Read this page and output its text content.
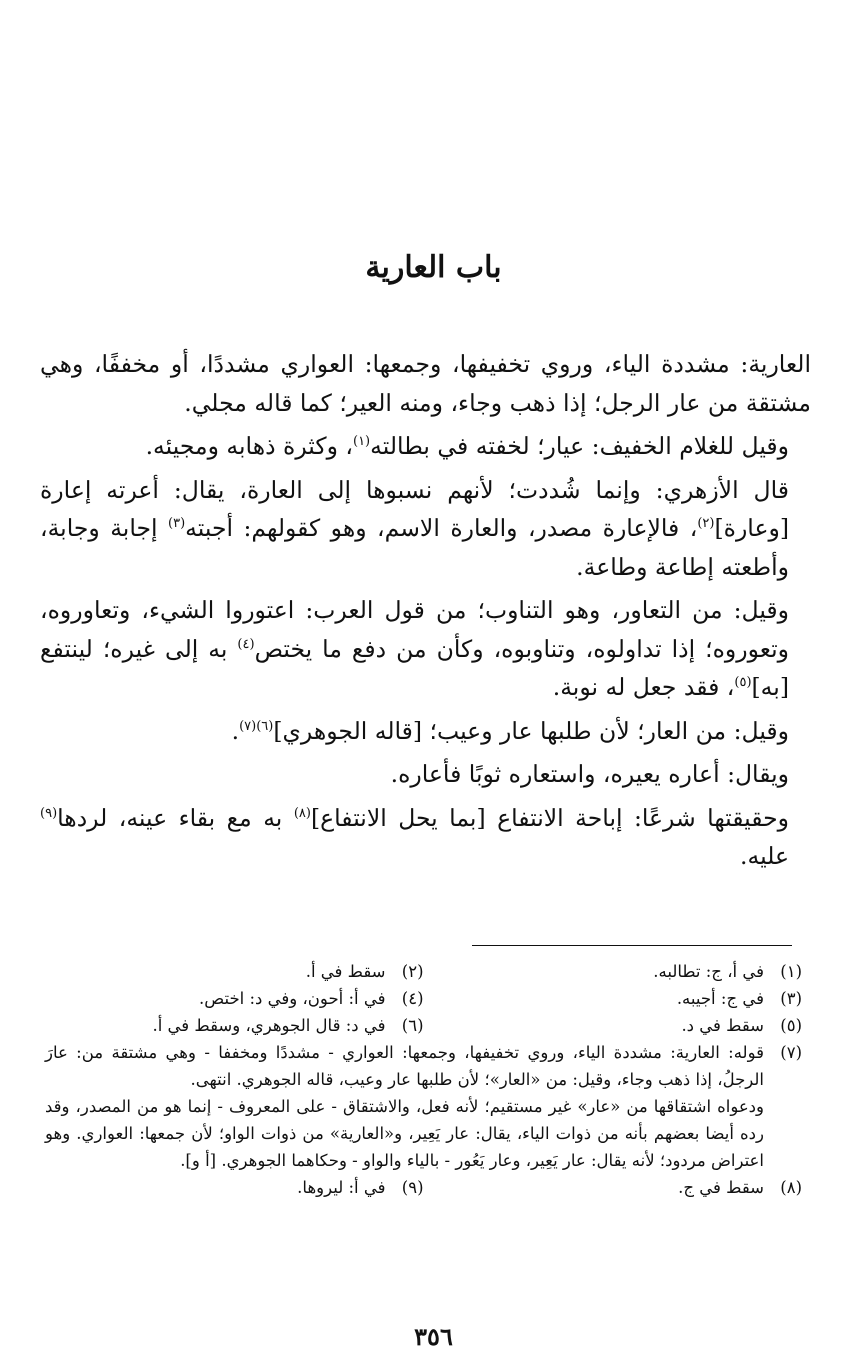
باب العارية

العارية: مشددة الياء، وروي تخفيفها، وجمعها: العواري مشددًا، أو مخففًا، وهي مشتقة من عار الرجل؛ إذا ذهب وجاء، ومنه العير؛ كما قاله مجلي.

وقيل للغلام الخفيف: عيار؛ لخفته في بطالته$^{(١)}$، وكثرة ذهابه ومجيئه.

قال الأزهري: وإنما شُددت؛ لأنهم نسبوها إلى العارة، يقال: أعرته إعارة [وعارة]$^{(٢)}$، فالإعارة مصدر، والعارة الاسم، وهو كقولهم: أجبته$^{(٣)}$ إجابة وجابة، وأطعته إطاعة وطاعة.

وقيل: من التعاور، وهو التناوب؛ من قول العرب: اعتوروا الشيء، وتعاوروه، وتعوروه؛ إذا تداولوه، وتناوبوه، وكأن من دفع ما يختص$^{(٤)}$ به إلى غيره؛ لينتفع [به]$^{(٥)}$، فقد جعل له نوبة.

وقيل: من العار؛ لأن طلبها عار وعيب؛ [قاله الجوهري]$^{(٦)(٧)}$.

ويقال: أعاره يعيره، واستعاره ثوبًا فأعاره.

وحقيقتها شرعًا: إباحة الانتفاع [بما يحل الانتفاع]$^{(٨)}$ به مع بقاء عينه، لردها$^{(٩)}$ عليه.

(١)
في أ، ج: تطالبه.
(٢)
سقط في أ.
(٣)
في ج: أجيبه.
(٤)
في أ: أحون، وفي د: اختص.
(٥)
سقط في د.
(٦)
في د: قال الجوهري، وسقط في أ.
(٧)
قوله: العارية: مشددة الياء، وروي تخفيفها، وجمعها: العواري - مشددًا ومخففا - وهي مشتقة من: عارَ الرجلُ، إذا ذهب وجاء، وقيل: من «العار»؛ لأن طلبها عار وعيب، قاله الجوهري. انتهى.
ودعواه اشتقاقها من «عار» غير مستقيم؛ لأنه فعل، والاشتقاق - على المعروف - إنما هو من المصدر، وقد رده أيضا بعضهم بأنه من ذوات الياء، يقال: عار يَعِير، و«العارية» من ذوات الواو؛ لأن جمعها: العواري. وهو اعتراض مردود؛ لأنه يقال: عار يَعِير، وعار يَعُور - بالياء والواو - وحكاهما الجوهري. [أ و].
(٨)
سقط في ج.
(٩)
في أ: ليروها.
٣٥٦
